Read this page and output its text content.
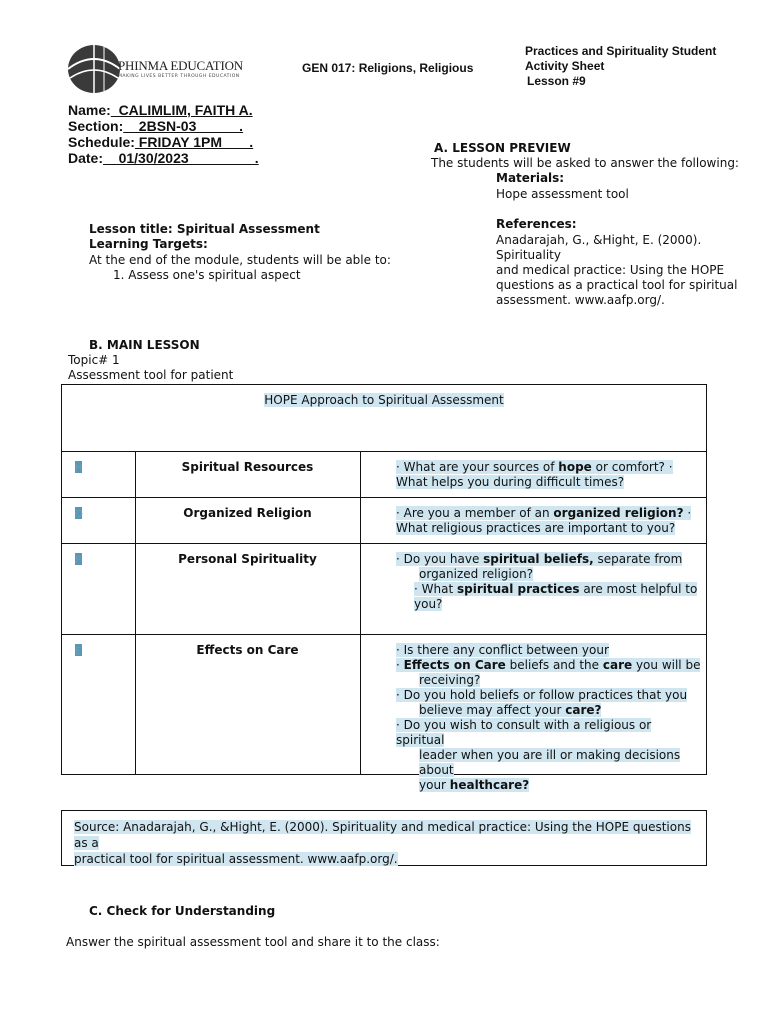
PHINMA EDUCATION
MAKING LIVES BETTER THROUGH EDUCATION
GEN 017: Religions, Religious
Practices and Spirituality Student
Activity Sheet
Lesson #9
Name: CALIMLIM, FAITH A.
Section: 2BSN-03           .
Schedule: FRIDAY 1PM       .
Date: 01/30/2023                 .
A. LESSON PREVIEW
The students will be asked to answer the following:
Materials:
Hope assessment tool
References:
Anadarajah, G., &Hight, E. (2000). Spirituality
and medical practice: Using the HOPE
questions as a practical tool for spiritual
assessment. www.aafp.org/.
Lesson title: Spiritual Assessment
Learning Targets:
At the end of the module, students will be able to:
1. Assess one's spiritual aspect
B. MAIN LESSON
Topic# 1
Assessment tool for patient
HOPE Approach to Spiritual Assessment
H	Spiritual Resources	· What are your sources of hope or comfort? ·
What helps you during difficult times?
O	Organized Religion	· Are you a member of an organized religion? ·
What religious practices are important to you?
P	Personal Spirituality	· Do you have spiritual beliefs, separate from
organized religion?
· What spiritual practices are most helpful to you?
E	Effects on Care	· Is there any conflict between your
· Effects on Care beliefs and the care you will be
receiving?
· Do you hold beliefs or follow practices that you
believe may affect your care?
· Do you wish to consult with a religious or spiritual
leader when you are ill or making decisions about
your healthcare?
Source: Anadarajah, G., &Hight, E. (2000). Spirituality and medical practice: Using the HOPE questions as a
practical tool for spiritual assessment. www.aafp.org/.
C. Check for Understanding
Answer the spiritual assessment tool and share it to the class:
